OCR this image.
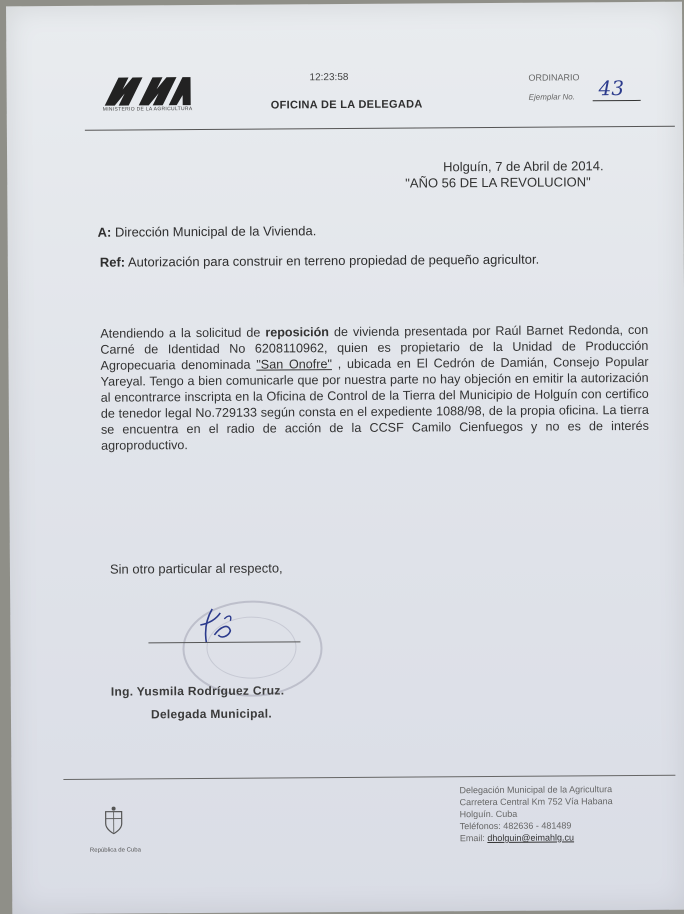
MINISTERIO DE LA AGRICULTURA
12:23:58
OFICINA DE LA DELEGADA
ORDINARIO
Ejemplar No. 43
Holguín, 7 de Abril de 2014.
"AÑO 56 DE LA REVOLUCION"
A: Dirección Municipal de la Vivienda.
Ref: Autorización para construir en terreno propiedad de pequeño agricultor.
Atendiendo a la solicitud de reposición de vivienda presentada por Raúl Barnet Redonda, con Carné de Identidad No 6208110962, quien es propietario de la Unidad de Producción Agropecuaria denominada "San Onofre" , ubicada en El Cedrón de Damián, Consejo Popular Yareyal. Tengo a bien comunicarle que por nuestra parte no hay objeción en emitir la autorización al encontrarce inscripta en la Oficina de Control de la Tierra del Municipio de Holguín con certifico de tenedor legal No.729133 según consta en el expediente 1088/98, de la propia oficina. La tierra se encuentra en el radio de acción de la CCSF Camilo Cienfuegos y no es de interés agroproductivo.
Sin otro particular al respecto,
Ing. Yusmila Rodríguez Cruz.
Delegada Municipal.
República de Cuba
Delegación Municipal de la Agricultura
Carretera Central Km 752 Vía Habana
Holguín. Cuba
Teléfonos: 482636 - 481489
Email: dholguin@eimahlg.cu
